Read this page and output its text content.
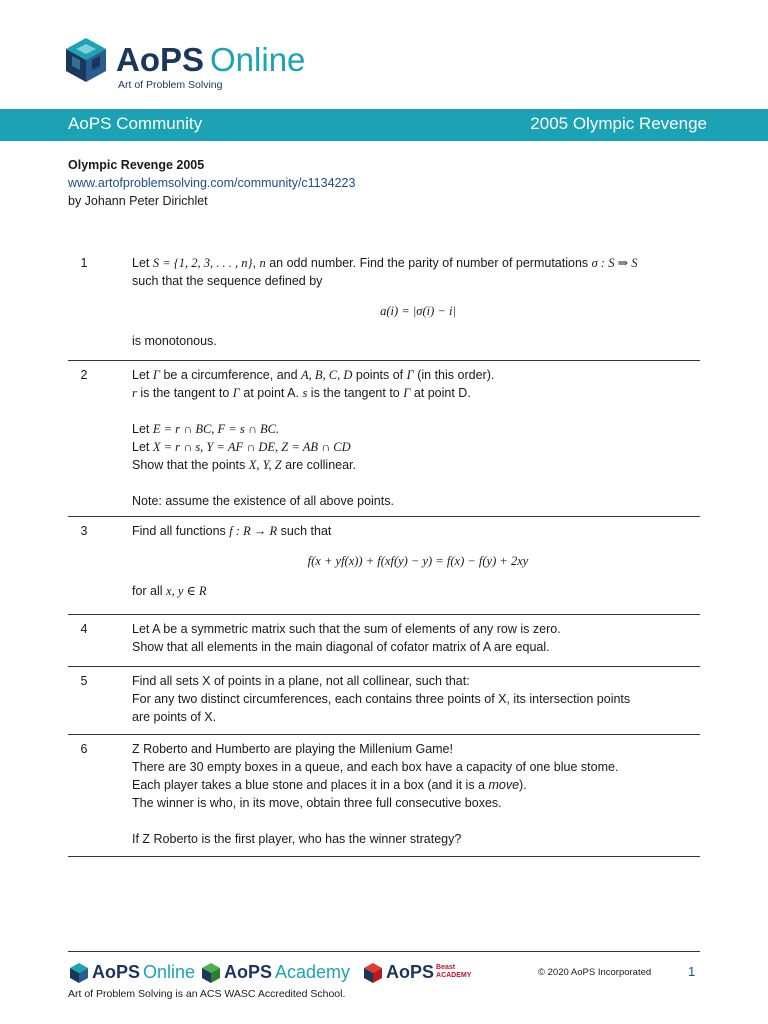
AoPS Online
Art of Problem Solving
AoPS Community	2005 Olympic Revenge
Olympic Revenge 2005
www.artofproblemsolving.com/community/c1134223
by Johann Peter Dirichlet
1	Let S = {1, 2, 3, . . . , n}, n an odd number. Find the parity of number of permutations σ : S ⇒ S
such that the sequence defined by
a(i) = |σ(i) − i|
is monotonous.
2	Let Γ be a circumference, and A, B, C, D points of Γ (in this order).
r is the tangent to Γ at point A. s is the tangent to Γ at point D.
Let E = r ∩ BC, F = s ∩ BC.
Let X = r ∩ s, Y = AF ∩ DE, Z = AB ∩ CD
Show that the points X, Y, Z are collinear.
Note: assume the existence of all above points.
3	Find all functions f : R → R such that
f(x + yf(x)) + f(xf(y) − y) = f(x) − f(y) + 2xy
for all x, y ∈ R
4	Let A be a symmetric matrix such that the sum of elements of any row is zero.
Show that all elements in the main diagonal of cofator matrix of A are equal.
5	Find all sets X of points in a plane, not all collinear, such that:
For any two distinct circumferences, each contains three points of X, its intersection points
are points of X.
6	Z Roberto and Humberto are playing the Millenium Game!
There are 30 empty boxes in a queue, and each box have a capacity of one blue stome.
Each player takes a blue stone and places it in a box (and it is a move).
The winner is who, in its move, obtain three full consecutive boxes.
If Z Roberto is the first player, who has the winner strategy?
AoPS Online	AoPS Academy	AoPS Beast
ACADEMY	© 2020 AoPS Incorporated	1
Art of Problem Solving is an ACS WASC Accredited School.
